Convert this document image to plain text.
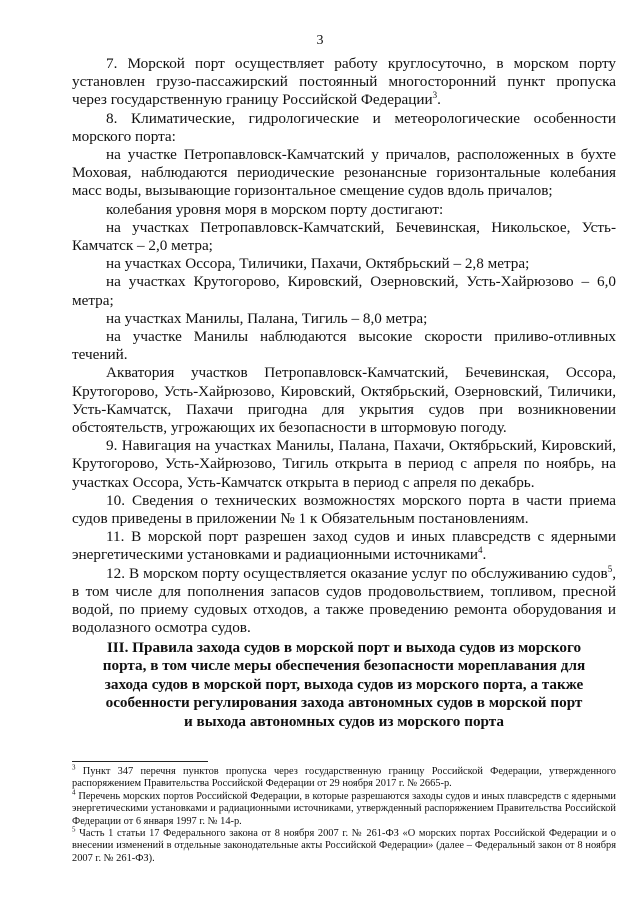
3

7. Морской порт осуществляет работу круглосуточно, в морском порту установлен грузо-пассажирский постоянный многосторонний пункт пропуска через государственную границу Российской Федерации$^3$.

8. Климатические, гидрологические и метеорологические особенности морского порта:

на участке Петропавловск-Камчатский у причалов, расположенных в бухте Моховая, наблюдаются периодические резонансные горизонтальные колебания масс воды, вызывающие горизонтальное смещение судов вдоль причалов;

колебания уровня моря в морском порту достигают:

на участках Петропавловск-Камчатский, Бечевинская, Никольское, Усть-Камчатск – 2,0 метра;

на участках Оссора, Тиличики, Пахачи, Октябрьский – 2,8 метра;

на участках Крутогорово, Кировский, Озерновский, Усть-Хайрюзово – 6,0 метра;

на участках Манилы, Палана, Тигиль – 8,0 метра;

на участке Манилы наблюдаются высокие скорости приливо-отливных течений.

Акватория участков Петропавловск-Камчатский, Бечевинская, Оссора, Крутогорово, Усть-Хайрюзово, Кировский, Октябрьский, Озерновский, Тиличики, Усть-Камчатск, Пахачи пригодна для укрытия судов при возникновении обстоятельств, угрожающих их безопасности в штормовую погоду.

9. Навигация на участках Манилы, Палана, Пахачи, Октябрьский, Кировский, Крутогорово, Усть-Хайрюзово, Тигиль открыта в период с апреля по ноябрь, на участках Оссора, Усть-Камчатск открыта в период с апреля по декабрь.

10. Сведения о технических возможностях морского порта в части приема судов приведены в приложении № 1 к Обязательным постановлениям.

11. В морской порт разрешен заход судов и иных плавсредств с ядерными энергетическими установками и радиационными источниками$^4$.

12. В морском порту осуществляется оказание услуг по обслуживанию судов$^5$, в том числе для пополнения запасов судов продовольствием, топливом, пресной водой, по приему судовых отходов, а также проведению ремонта оборудования и водолазного осмотра судов.

III. Правила захода судов в морской порт и выхода судов из морского
порта, в том числе меры обеспечения безопасности мореплавания для
захода судов в морской порт, выхода судов из морского порта, а также
особенности регулирования захода автономных судов в морской порт
и выхода автономных судов из морского порта

$^3$ Пункт 347 перечня пунктов пропуска через государственную границу Российской Федерации, утвержденного распоряжением Правительства Российской Федерации от 29 ноября 2017 г. № 2665-р.

$^4$ Перечень морских портов Российской Федерации, в которые разрешаются заходы судов и иных плавсредств с ядерными энергетическими установками и радиационными источниками, утвержденный распоряжением Правительства Российской Федерации от 6 января 1997 г. № 14-р.

$^5$ Часть 1 статьи 17 Федерального закона от 8 ноября 2007 г. № 261-ФЗ «О морских портах Российской Федерации и о внесении изменений в отдельные законодательные акты Российской Федерации» (далее – Федеральный закон от 8 ноября 2007 г. № 261-ФЗ).
